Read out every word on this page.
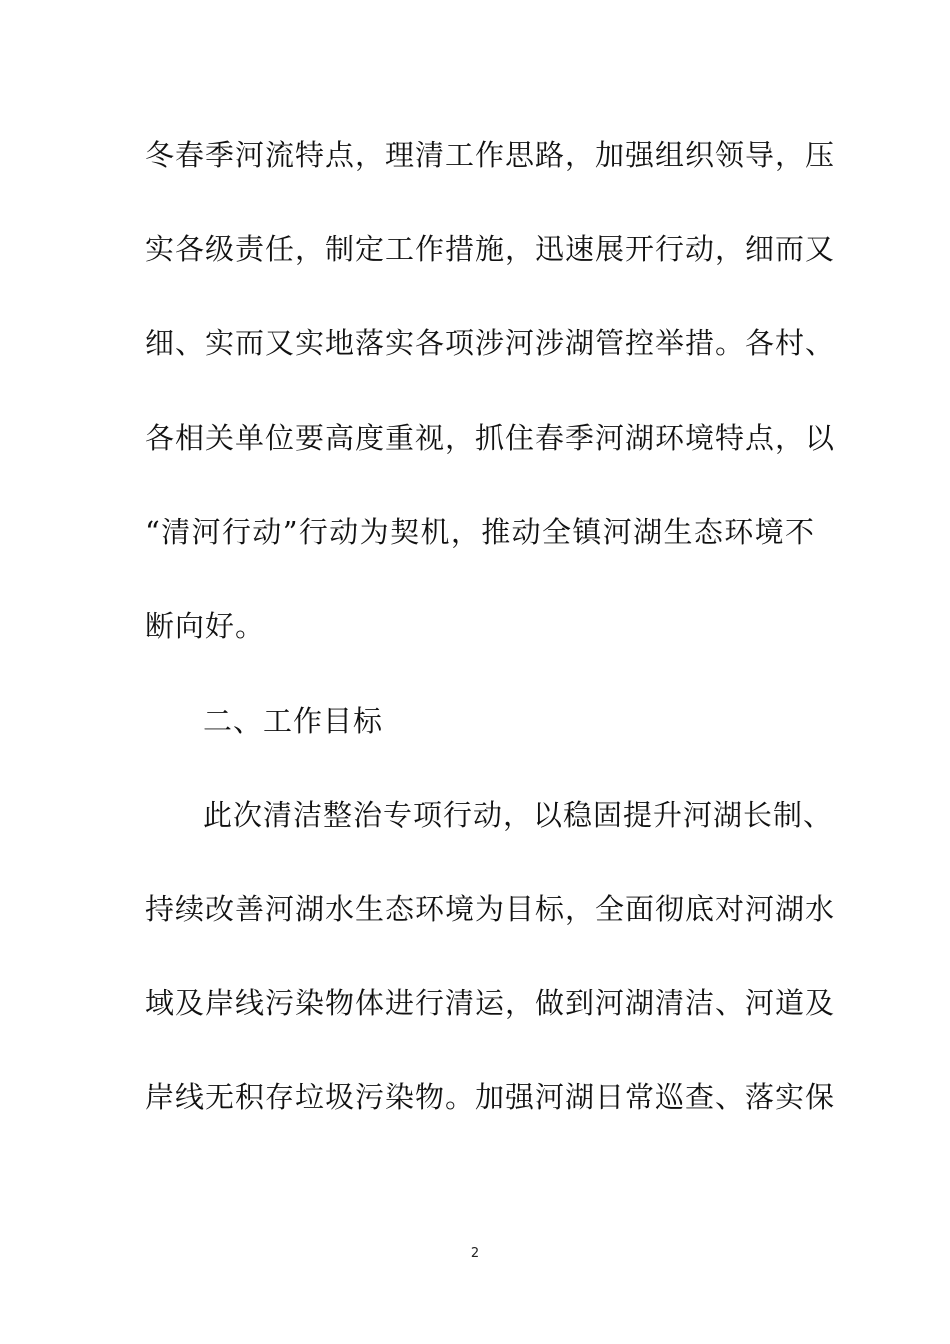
冬春季河流特点，理清工作思路，加强组织领导，压
实各级责任，制定工作措施，迅速展开行动，细而又
细、实而又实地落实各项涉河涉湖管控举措。各村、
各相关单位要高度重视，抓住春季河湖环境特点，以
“清河行动”行动为契机，推动全镇河湖生态环境不
断向好。
二、工作目标
此次清洁整治专项行动，以稳固提升河湖长制、
持续改善河湖水生态环境为目标，全面彻底对河湖水
域及岸线污染物体进行清运，做到河湖清洁、河道及
岸线无积存垃圾污染物。加强河湖日常巡查、落实保
2
